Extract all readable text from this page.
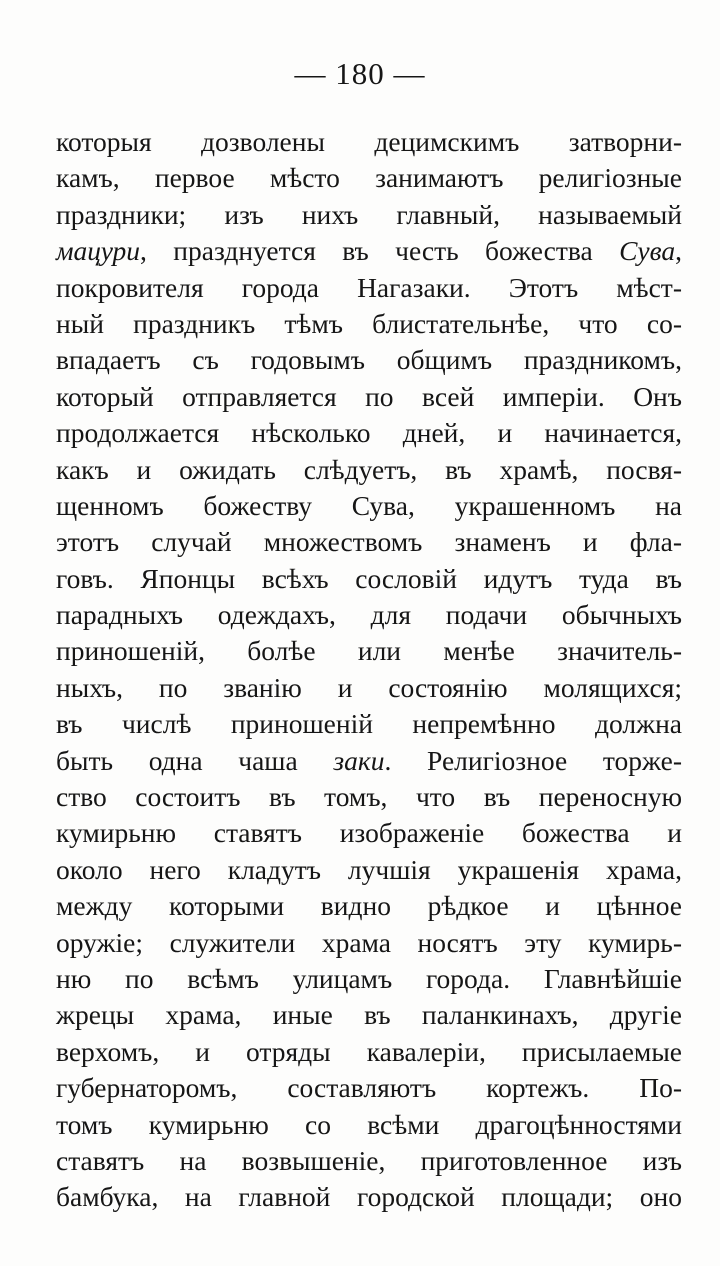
— 180 —
которыя дозволены децимскимъ затворни-
камъ, первое мѣсто занимаютъ религіозные
праздники; изъ нихъ главный, называемый
мацури, празднуется въ честь божества Сува,
покровителя города Нагазаки. Этотъ мѣст-
ный праздникъ тѣмъ блистательнѣе, что со-
впадаетъ съ годовымъ общимъ праздникомъ,
который отправляется по всей имперіи. Онъ
продолжается нѣсколько дней, и начинается,
какъ и ожидать слѣдуетъ, въ храмѣ, посвя-
щенномъ божеству Сува, украшенномъ на
этотъ случай множествомъ знаменъ и фла-
говъ. Японцы всѣхъ сословій идутъ туда въ
парадныхъ одеждахъ, для подачи обычныхъ
приношеній, болѣе или менѣе значитель-
ныхъ, по званію и состоянію молящихся;
въ числѣ приношеній непремѣнно должна
быть одна чаша заки. Религіозное торже-
ство состоитъ въ томъ, что въ переносную
кумирьню ставятъ изображеніе божества и
около него кладутъ лучшія украшенія храма,
между которыми видно рѣдкое и цѣнное
оружіе; служители храма носятъ эту кумирь-
ню по всѣмъ улицамъ города. Главнѣйшіе
жрецы храма, иные въ паланкинахъ, другіе
верхомъ, и отряды кавалеріи, присылаемые
губернаторомъ, составляютъ кортежъ. По-
томъ кумирьню со всѣми драгоцѣнностями
ставятъ на возвышеніе, приготовленное изъ
бамбука, на главной городской площади; оно
